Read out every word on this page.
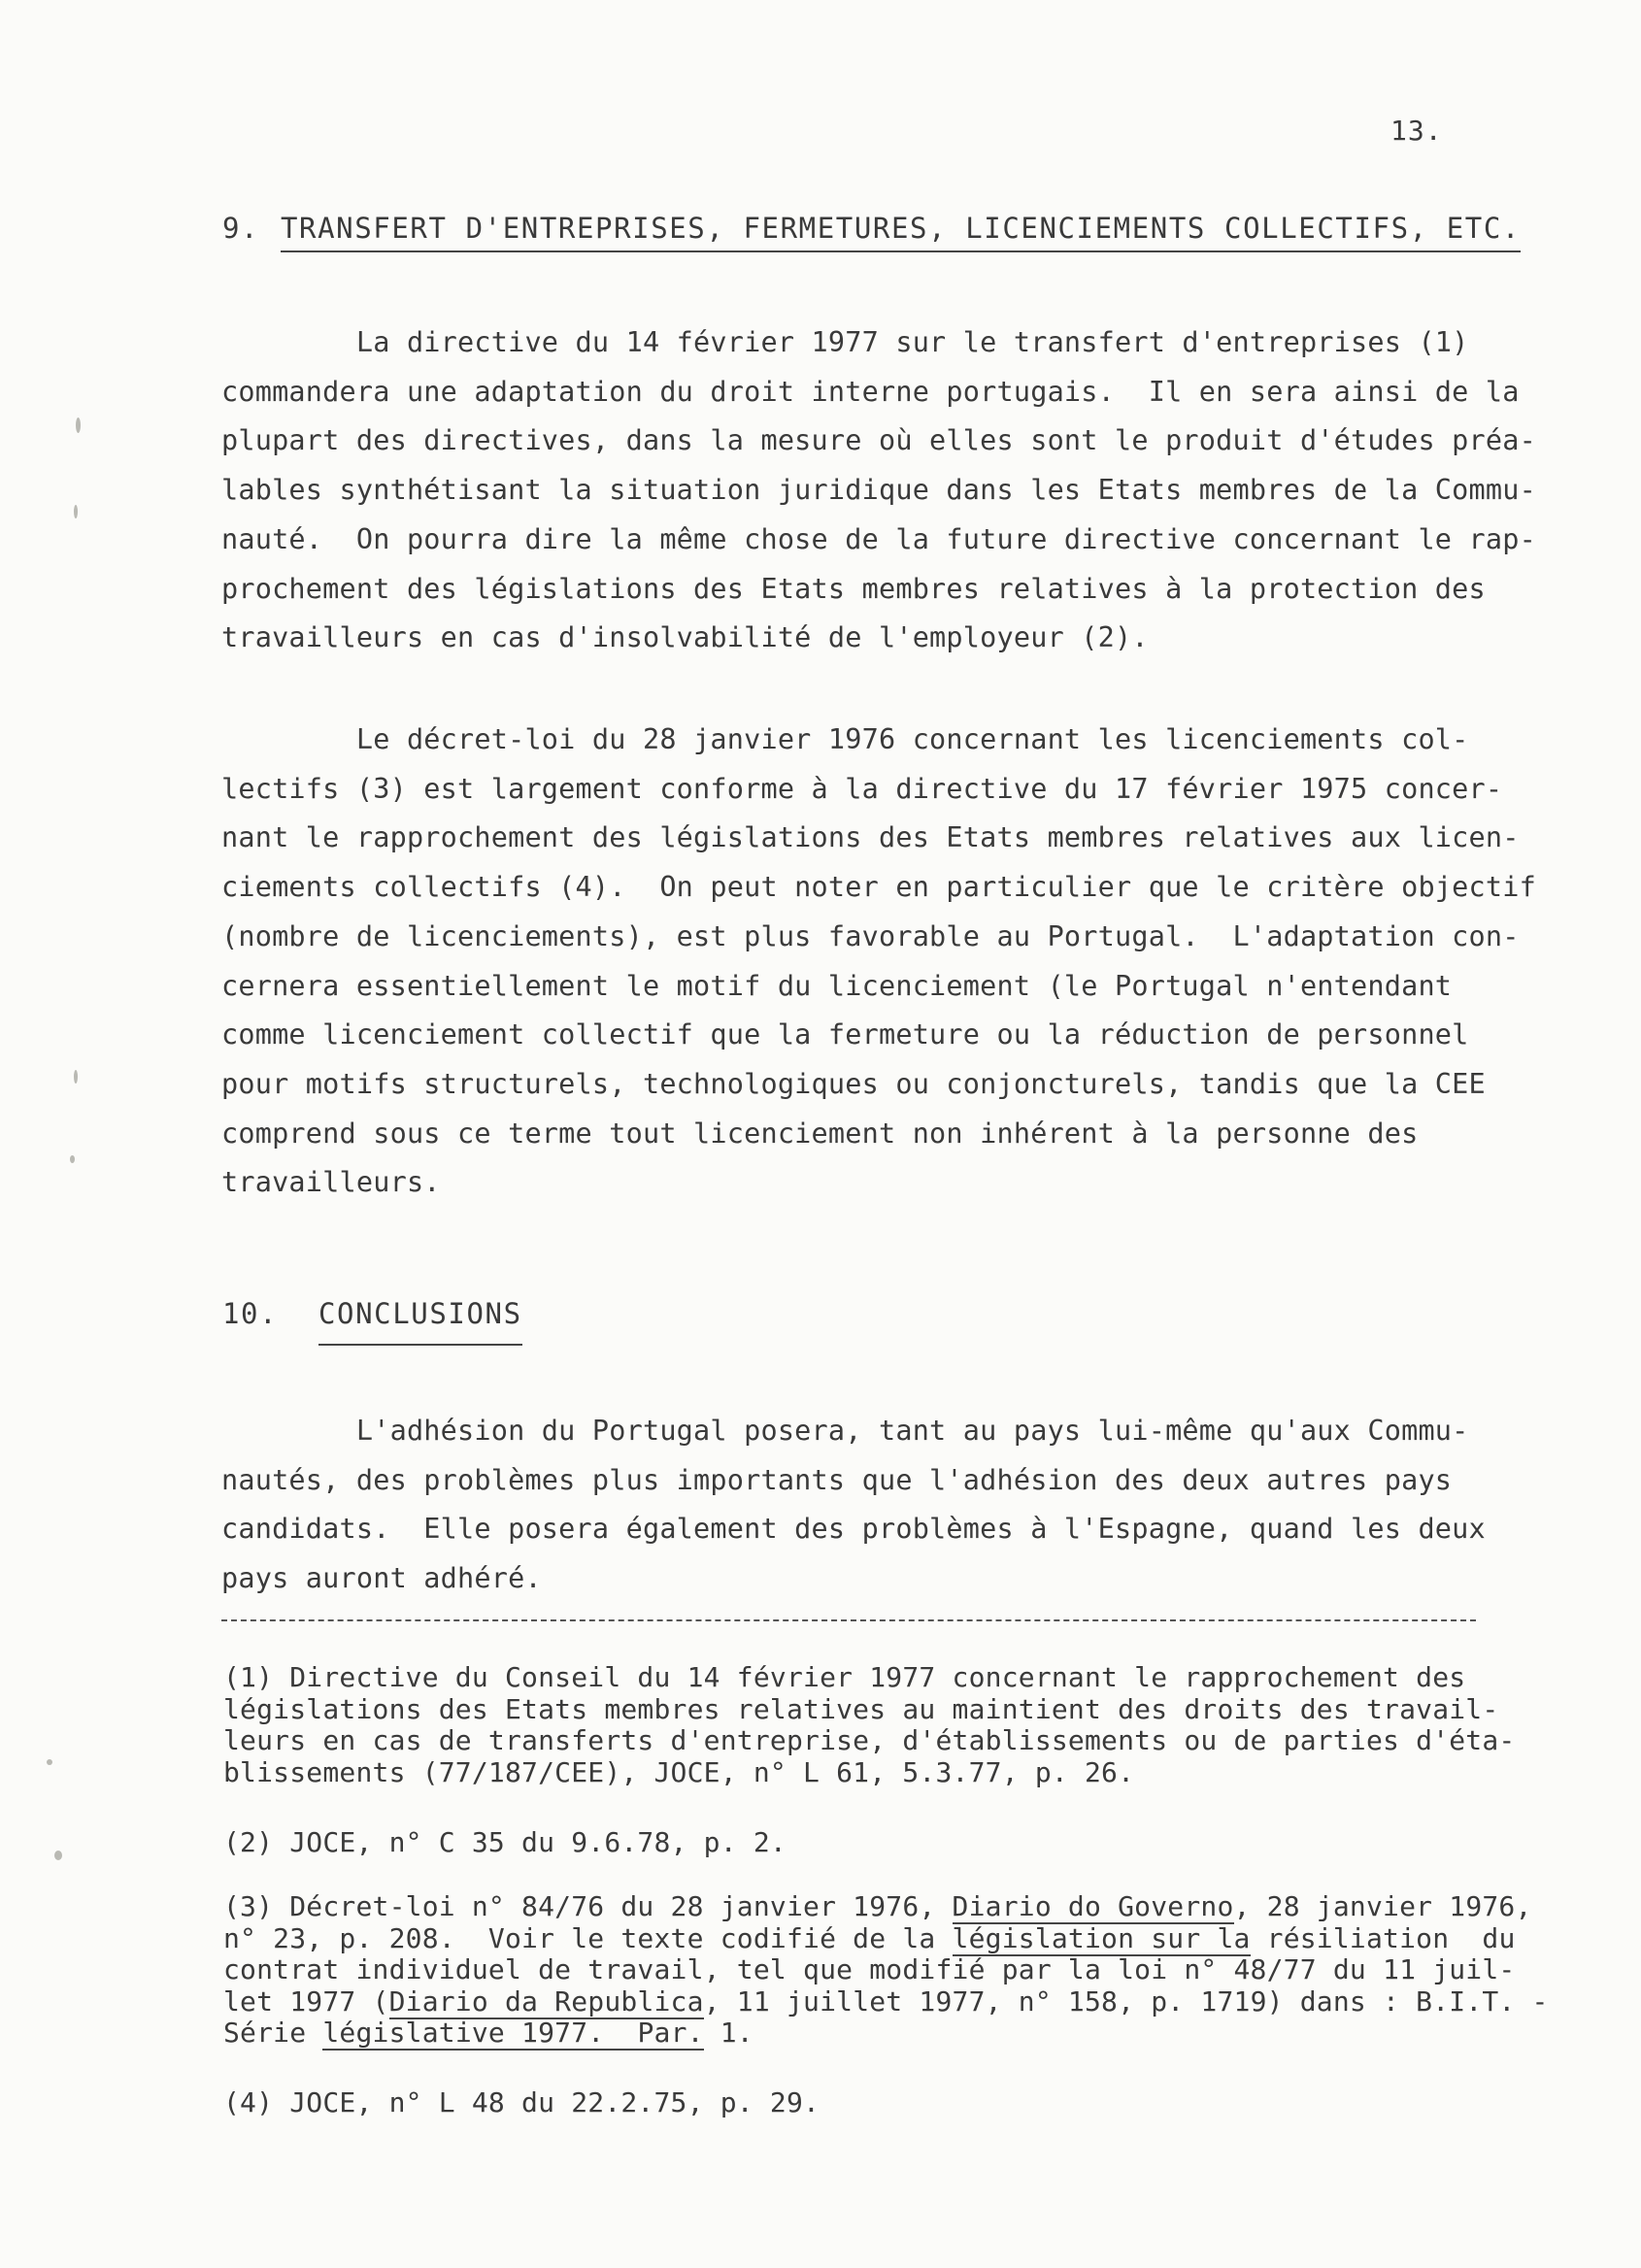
13.
9. TRANSFERT D'ENTREPRISES, FERMETURES, LICENCIEMENTS COLLECTIFS, ETC.
La directive du 14 février 1977 sur le transfert d'entreprises (1)
commandera une adaptation du droit interne portugais.  Il en sera ainsi de la
plupart des directives, dans la mesure où elles sont le produit d'études préa-
lables synthétisant la situation juridique dans les Etats membres de la Commu-
nauté.  On pourra dire la même chose de la future directive concernant le rap-
prochement des législations des Etats membres relatives à la protection des
travailleurs en cas d'insolvabilité de l'employeur (2).
Le décret-loi du 28 janvier 1976 concernant les licenciements col-
lectifs (3) est largement conforme à la directive du 17 février 1975 concer-
nant le rapprochement des législations des Etats membres relatives aux licen-
ciements collectifs (4).  On peut noter en particulier que le critère objectif
(nombre de licenciements), est plus favorable au Portugal.  L'adaptation con-
cernera essentiellement le motif du licenciement (le Portugal n'entendant
comme licenciement collectif que la fermeture ou la réduction de personnel
pour motifs structurels, technologiques ou conjoncturels, tandis que la CEE
comprend sous ce terme tout licenciement non inhérent à la personne des
travailleurs.
10. CONCLUSIONS
L'adhésion du Portugal posera, tant au pays lui-même qu'aux Commu-
nautés, des problèmes plus importants que l'adhésion des deux autres pays
candidats.  Elle posera également des problèmes à l'Espagne, quand les deux
pays auront adhéré.
(1) Directive du Conseil du 14 février 1977 concernant le rapprochement des
législations des Etats membres relatives au maintient des droits des travail-
leurs en cas de transferts d'entreprise, d'établissements ou de parties d'éta-
blissements (77/187/CEE), JOCE, n° L 61, 5.3.77, p. 26.
(2) JOCE, n° C 35 du 9.6.78, p. 2.
(3) Décret-loi n° 84/76 du 28 janvier 1976, Diario do Governo, 28 janvier 1976,
n° 23, p. 208.  Voir le texte codifié de la législation sur la résiliation  du
contrat individuel de travail, tel que modifié par la loi n° 48/77 du 11 juil-
let 1977 (Diario da Republica, 11 juillet 1977, n° 158, p. 1719) dans : B.I.T. -
Série législative 1977.  Par. 1.
(4) JOCE, n° L 48 du 22.2.75, p. 29.
